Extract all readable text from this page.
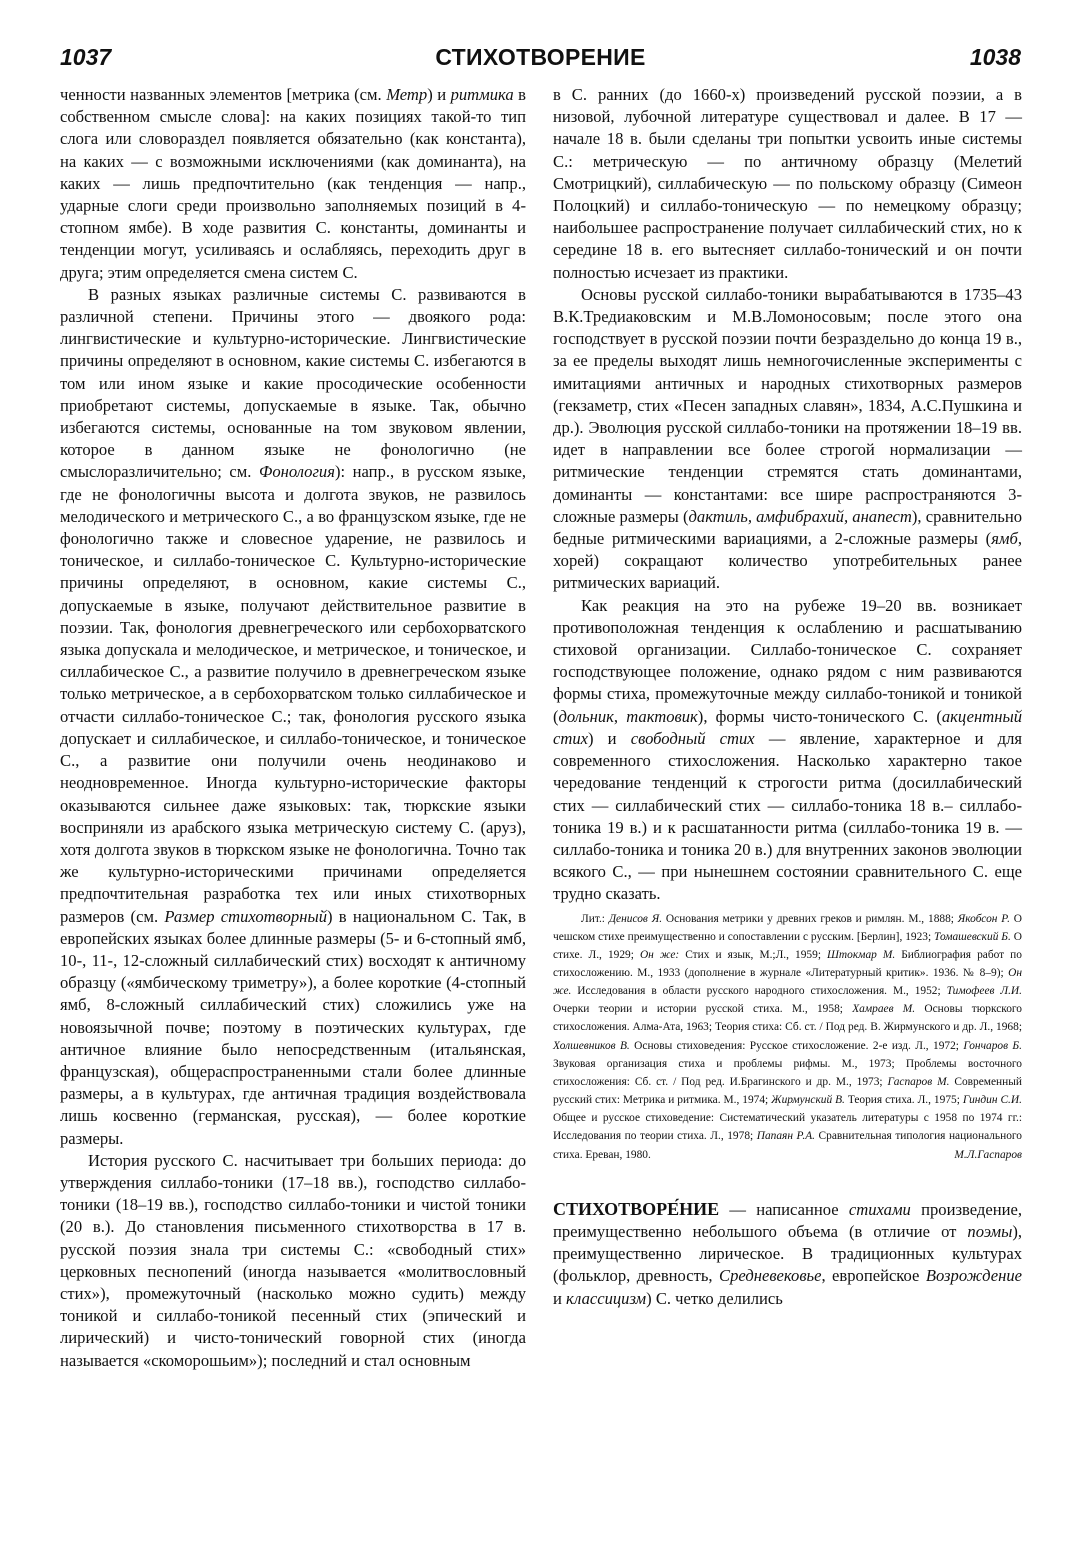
1037	СТИХОТВОРЕНИЕ	1038

ченности названных элементов [метрика (см. Метр) и ритмика в собственном смысле слова]: на каких позициях такой-то тип слога или словораздел появляется обязательно (как константа), на каких — с возможными исключениями (как доминанта), на каких — лишь предпочтительно (как тенденция — напр., ударные слоги среди произвольно заполняемых позиций в 4-стопном ямбе). В ходе развития С. константы, доминанты и тенденции могут, усиливаясь и ослабляясь, переходить друг в друга; этим определяется смена систем С.

В разных языках различные системы С. развиваются в различной степени. Причины этого — двоякого рода: лингвистические и культурно-исторические. Лингвистические причины определяют в основном, какие системы С. избегаются в том или ином языке и какие просодические особенности приобретают системы, допускаемые в языке. Так, обычно избегаются системы, основанные на том звуковом явлении, которое в данном языке не фонологично (не смыслоразличительно; см. Фонология): напр., в русском языке, где не фонологичны высота и долгота звуков, не развилось мелодического и метрического С., а во французском языке, где не фонологично также и словесное ударение, не развилось и тоническое, и силлабо-тоническое С. Культурно-исторические причины определяют, в основном, какие системы С., допускаемые в языке, получают действительное развитие в поэзии. Так, фонология древнегреческого или сербохорватского языка допускала и мелодическое, и метрическое, и тоническое, и силлабическое С., а развитие получило в древнегреческом языке только метрическое, а в сербохорватском только силлабическое и отчасти силлабо-тоническое С.; так, фонология русского языка допускает и силлабическое, и силлабо-тоническое, и тоническое С., а развитие они получили очень неодинаково и неодновременное. Иногда культурно-исторические факторы оказываются сильнее даже языковых: так, тюркские языки восприняли из арабского языка метрическую систему С. (аруз), хотя долгота звуков в тюркском языке не фонологична. Точно так же культурно-историческими причинами определяется предпочтительная разработка тех или иных стихотворных размеров (см. Размер стихотворный) в национальном С. Так, в европейских языках более длинные размеры (5- и 6-стопный ямб, 10-, 11-, 12-сложный силлабический стих) восходят к античному образцу («ямбическому триметру»), а более короткие (4-стопный ямб, 8-сложный силлабический стих) сложились уже на новоязычной почве; поэтому в поэтических культурах, где античное влияние было непосредственным (итальянская, французская), общераспространенными стали более длинные размеры, а в культурах, где античная традиция воздействовала лишь косвенно (германская, русская), — более короткие размеры.

История русского С. насчитывает три больших периода: до утверждения силлабо-тоники (17–18 вв.), господство силлабо-тоники (18–19 вв.), господство силлабо-тоники и чистой тоники (20 в.). До становления письменного стихотворства в 17 в. русской поэзия знала три системы С.: «свободный стих» церковных песнопений (иногда называется «молитвословный стих»), промежуточный (насколько можно судить) между тоникой и силлабо-тоникой песенный стих (эпический и лирический) и чисто-тонический говорной стих (иногда называется «скоморошьим»); последний и стал основным

в С. ранних (до 1660-х) произведений русской поэзии, а в низовой, лубочной литературе существовал и далее. В 17 — начале 18 в. были сделаны три попытки усвоить иные системы С.: метрическую — по античному образцу (Мелетий Смотрицкий), силлабическую — по польскому образцу (Симеон Полоцкий) и силлабо-тоническую — по немецкому образцу; наибольшее распространение получает силлабический стих, но к середине 18 в. его вытесняет силлабо-тонический и он почти полностью исчезает из практики.

Основы русской силлабо-тоники вырабатываются в 1735–43 В.К.Тредиаковским и М.В.Ломоносовым; после этого она господствует в русской поэзии почти безраздельно до конца 19 в., за ее пределы выходят лишь немногочисленные эксперименты с имитациями античных и народных стихотворных размеров (гекзаметр, стих «Песен западных славян», 1834, А.С.Пушкина и др.). Эволюция русской силлабо-тоники на протяжении 18–19 вв. идет в направлении все более строгой нормализации — ритмические тенденции стремятся стать доминантами, доминанты — константами: все шире распространяются 3-сложные размеры (дактиль, амфибрахий, анапест), сравнительно бедные ритмическими вариациями, а 2-сложные размеры (ямб, хорей) сокращают количество употребительных ранее ритмических вариаций.

Как реакция на это на рубеже 19–20 вв. возникает противоположная тенденция к ослаблению и расшатыванию стиховой организации. Силлабо-тоническое С. сохраняет господствующее положение, однако рядом с ним развиваются формы стиха, промежуточные между силлабо-тоникой и тоникой (дольник, тактовик), формы чисто-тонического С. (акцентный стих) и свободный стих — явление, характерное и для современного стихосложения. Насколько характерно такое чередование тенденций к строгости ритма (досиллабический стих — силлабический стих — силлабо-тоника 18 в.– силлабо-тоника 19 в.) и к расшатанности ритма (силлабо-тоника 19 в. — силлабо-тоника и тоника 20 в.) для внутренних законов эволюции всякого С., — при нынешнем состоянии сравнительного С. еще трудно сказать.

Лит.: Денисов Я. Основания метрики у древних греков и римлян. М., 1888; Якобсон Р. О чешском стихе преимущественно и сопоставлении с русским. [Берлин], 1923; Томашевский Б. О стихе. Л., 1929; Он же: Стих и язык, М.;Л., 1959; Штокмар М. Библиография работ по стихосложению. М., 1933 (дополнение в журнале «Литературный критик». 1936. № 8–9); Он же. Исследования в области русского народного стихосложения. М., 1952; Тимофеев Л.И. Очерки теории и истории русской стиха. М., 1958; Хамраев М. Основы тюркского стихосложения. Алма-Ата, 1963; Теория стиха: Сб. ст. / Под ред. В. Жирмунского и др. Л., 1968; Холшевников В. Основы стиховедения: Русское стихосложение. 2-е изд. Л., 1972; Гончаров Б. Звуковая организация стиха и проблемы рифмы. М., 1973; Проблемы восточного стихосложения: Сб. ст. / Под ред. И.Брагинского и др. М., 1973; Гаспаров М. Современный русский стих: Метрика и ритмика. М., 1974; Жирмунский В. Теория стиха. Л., 1975; Гиндин С.И. Общее и русское стиховедение: Систематический указатель литературы с 1958 по 1974 гг.: Исследования по теории стиха. Л., 1978; Папаян Р.А. Сравнительная типология национального стиха. Ереван, 1980.	М.Л.Гаспаров

СТИХОТВОРЕ́НИЕ — написанное стихами произведение, преимущественно небольшого объема (в отличие от поэмы), преимущественно лирическое. В традиционных культурах (фольклор, древность, Средневековье, европейское Возрождение и классицизм) С. четко делились
